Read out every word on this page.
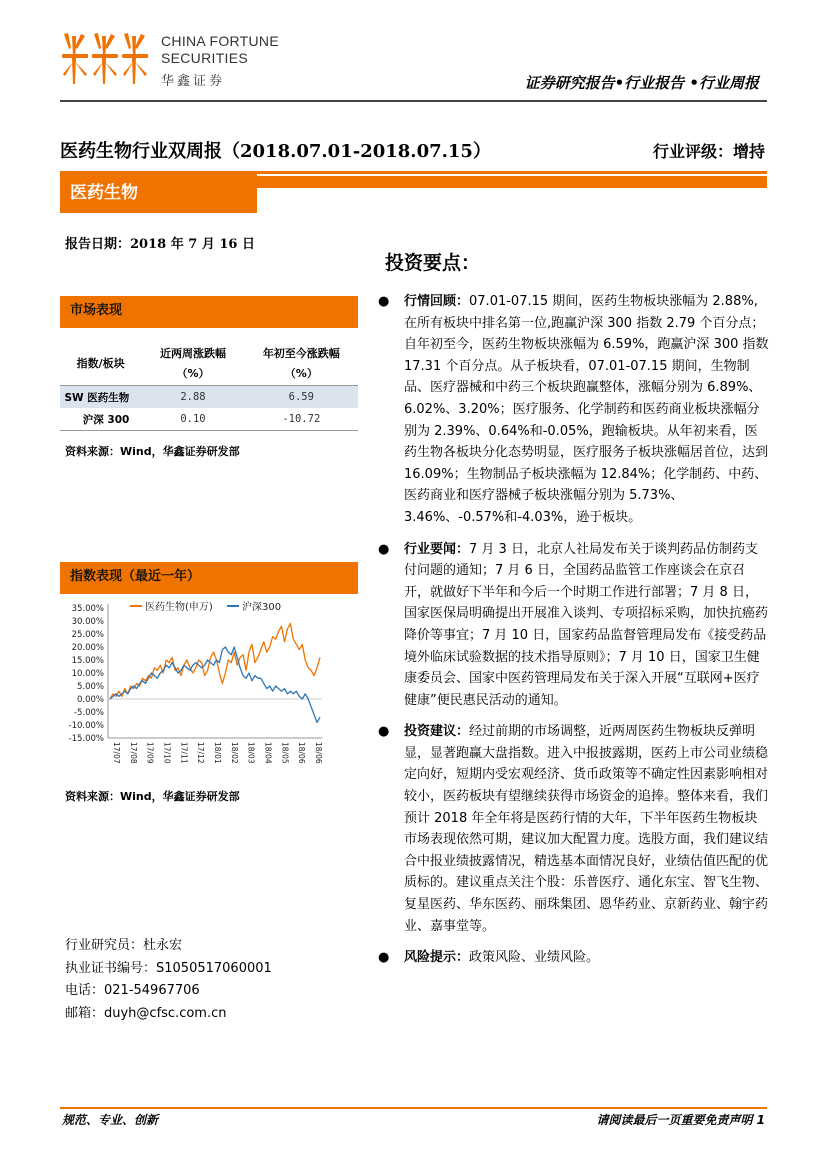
CHINA FORTUNE
SECURITIES
华鑫证券	证券研究报告•行业报告 •行业周报
医药生物行业双周报（2018.07.01-2018.07.15）	行业评级：增持
医药生物
报告日期：2018 年 7 月 16 日
投资要点：
市场表现
指数/板块	近两周涨跌幅（%）	年初至今涨跌幅（%）
SW 医药生物	2.88	6.59
沪深 300	0.10	-10.72
资料来源：Wind，华鑫证券研发部
指数表现（最近一年）
35.00%
30.00%
25.00%
20.00%
15.00%
10.00%
5.00%
0.00%
-5.00%
-10.00%
-15.00%
17/07 17/08 17/09 17/10 17/11 17/12 18/01 18/02 18/03 18/04 18/05 18/06 18/06
医药生物(申万)	沪深300
资料来源：Wind，华鑫证券研发部
行业研究员：杜永宏
执业证书编号：S1050517060001
电话：021-54967706
邮箱：duyh@cfsc.com.cn
● 行情回顾：07.01-07.15 期间，医药生物板块涨幅为 2.88%,在所有板块中排名第一位,跑赢沪深 300 指数 2.79 个百分点；自年初至今，医药生物板块涨幅为 6.59%，跑赢沪深 300 指数 17.31 个百分点。从子板块看，07.01-07.15 期间，生物制品、医疗器械和中药三个板块跑赢整体，涨幅分别为 6.89%、6.02%、3.20%；医疗服务、化学制药和医药商业板块涨幅分别为 2.39%、0.64%和-0.05%，跑输板块。从年初来看，医药生物各板块分化态势明显，医疗服务子板块涨幅居首位，达到 16.09%；生物制品子板块涨幅为 12.84%；化学制药、中药、医药商业和医疗器械子板块涨幅分别为 5.73%、3.46%、-0.57%和-4.03%，逊于板块。
● 行业要闻：7 月 3 日，北京人社局发布关于谈判药品仿制药支付问题的通知；7 月 6 日，全国药品监管工作座谈会在京召开，就做好下半年和今后一个时期工作进行部署；7 月 8 日，国家医保局明确提出开展准入谈判、专项招标采购，加快抗癌药降价等事宜；7 月 10 日，国家药品监督管理局发布《接受药品境外临床试验数据的技术指导原则》；7 月 10 日，国家卫生健康委员会、国家中医药管理局发布关于深入开展“互联网+医疗健康”便民惠民活动的通知。
● 投资建议：经过前期的市场调整，近两周医药生物板块反弹明显，显著跑赢大盘指数。进入中报披露期，医药上市公司业绩稳定向好，短期内受宏观经济、货币政策等不确定性因素影响相对较小，医药板块有望继续获得市场资金的追捧。整体来看，我们预计 2018 年全年将是医药行情的大年，下半年医药生物板块市场表现依然可期，建议加大配置力度。选股方面，我们建议结合中报业绩披露情况，精选基本面情况良好，业绩估值匹配的优质标的。建议重点关注个股：乐普医疗、通化东宝、智飞生物、复星医药、华东医药、丽珠集团、恩华药业、京新药业、翰宇药业、嘉事堂等。
● 风险提示：政策风险、业绩风险。
规范、专业、创新	请阅读最后一页重要免责声明 1
